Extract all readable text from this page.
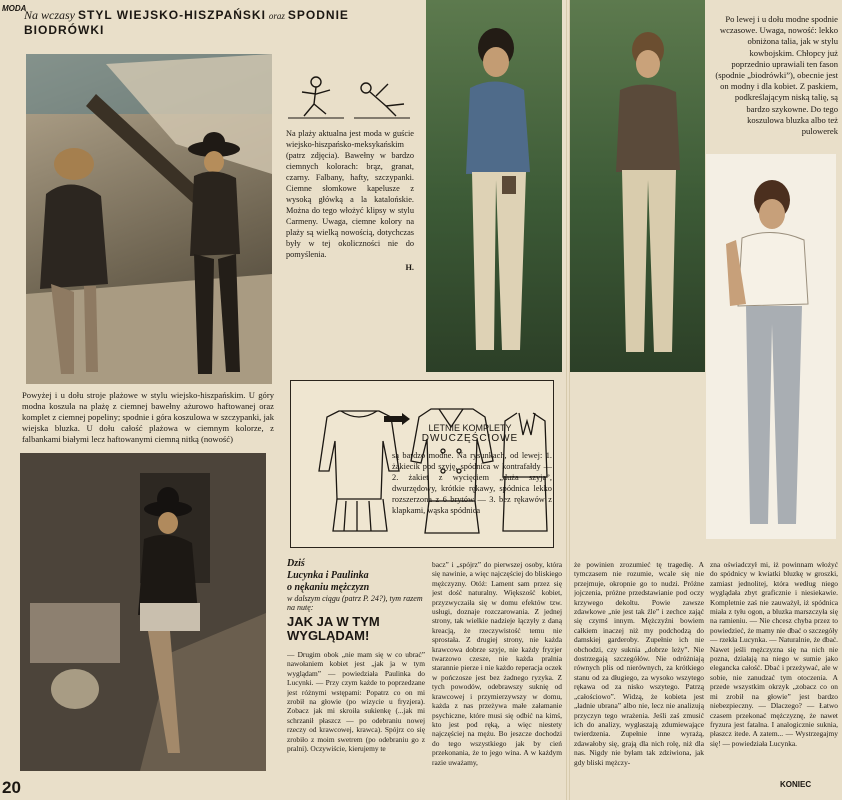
Na wczasy STYL WIEJSKO-HISZPAŃSKI oraz SPODNIE BIODRÓWKI
MODA

Na plaży aktualna jest moda w guście wiejsko-hiszpańsko-meksykańskim (patrz zdjęcia). Bawełny w bardzo ciemnych kolorach: brąz, granat, czarny. Falbany, hafty, szczypanki. Ciemne słomkowe kapelusze z wysoką główką a la katalońskie. Można do tego włożyć klipsy w stylu Carmeny. Uwaga, ciemne kolory na plaży są wielką nowością, dotychczas były w tej okoliczności nie do pomyślenia.

H.

Powyżej i u dołu stroje plażowe w stylu wiejsko-hiszpańskim. U góry modna koszula na plażę z ciemnej bawełny ażurowo haftowanej oraz komplet z ciemnej popeliny; spodnie i góra koszulowa w szczypanki, jak wiejska bluzka. U dołu całość plażowa w ciemnym kolorze, z falbankami białymi lecz haftowanymi ciemną nitką (nowość)
Dziś
Lucynka i Paulinka
o nękaniu mężczyzn
w dalszym ciągu (patrz P. 24?), tym razem na nutę:
JAK JA W TYM WYGLĄDAM!
— Drugim obok „nie mam się w co ubrać” nawołaniem kobiet jest „jak ja w tym wyglądam” — powiedziała Paulinka do Lucynki. — Przy czym każde to poprzedzane jest różnymi wstępami: Popatrz co on mi zrobił na głowie (po wizycie u fryzjera). Zobacz jak mi skroiła sukienkę (...jak mi schrzanił płaszcz — po odebraniu nowej rzeczy od krawcowej, krawca). Spójrz co się zrobiło z moim swetrem (po odebraniu go z pralni). Oczywiście, kierujemy te
bacz” i „spójrz” do pierwszej osoby, która się nawinie, a więc najczęściej do bliskiego mężczyzny. Otóż: Lament sam przez się jest dość naturalny. Większość kobiet, przyzwyczaiła się w domu efektów tzw. usługi, doznaje rozczarowania. Z jednej strony, tak wielkie nadzieje łączyły z daną kreacją, że rzeczywistość temu nie sprostała. Z drugiej strony, nie każda krawcowa dobrze szyje, nie każdy fryzjer twarzowo czesze, nie każda pralnia starannie pierze i nie każdo reperacja oczek w pończosze jest bez żadnego ryzyka. Z tych powodów, odebrawszy suknię od krawcowej i przymierzywszy w domu, każda z nas przeżywa małe załamanie psychiczne, które musi się odbić na kimś, kto jest pod ręką, a więc niestety najczęściej na mężu. Bo jeszcze dochodzi do tego wszystkiego jak by cień przekonania, że to jego wina. A w każdym razie uważamy,
że powinien zrozumieć tę tragedię. A tymczasem nie rozumie, wcale się nie przejmuje, okropnie go to nudzi. Próżne jojczenia, próżne przedstawianie pod oczy krzywego dekoltu. Powie zawsze zdawkowe „nie jest tak źle” i zechce zająć się czymś innym. Mężczyźni bowiem całkiem inaczej niż my podchodzą do damskiej garderoby. Zupełnie ich nie obchodzi, czy suknia „dobrze leży”. Nie dostrzegają szczegółów. Nie odróżniają równych plis od nierównych, za krótkiego stanu od za długiego, za wysoko wszytego rękawa od za nisko wszytego. Patrzą „całościowo”. Widzą, że kobieta jest „ładnie ubrana” albo nie, lecz nie analizują przyczyn tego wrażenia. Jeśli zaś zmusić ich do analizy, wygłaszają zdumiewające twierdzenia. Zupełnie inne wyrażą, zdawałoby się, grają dla nich rolę, niż dla nas. Nigdy nie byłam tak zdziwiona, jak gdy bliski mężczy-
zna oświadczył mi, iż powinnam włożyć do spódnicy w kwiatki bluzkę w groszki, zamiast jednolitej, która według niego wyglądała zbyt graficznie i niesiekawie. Kompletnie zaś nie zauważył, iż spódnica miała z tyłu ogon, a bluzka marszczyła się na ramieniu. — Nie chcesz chyba przez to powiedzieć, że mamy nie dbać o szczegóły — rzekła Lucynka. — Naturalnie, że dbać. Nawet jeśli mężczyzna się na nich nie pozna, działają na niego w sumie jako elegancka całość. Dbać i przeżywać, ale w sobie, nie zanudzać tym otoczenia. A przede wszystkim okrzyk „zobacz co on mi zrobił na głowie” jest bardzo niebezpieczny. — Dlaczego? — Łatwo czasem przekonać mężczyznę, że nawet fryzura jest fatalna. I analogicznie suknia, płaszcz itede. A zatem... — Wystrzegajmy się! — powiedziała Lucynka.
KONIEC
Po lewej i u dołu modne spodnie wczasowe. Uwaga, nowość: lekko obniżona talia, jak w stylu kowbojskim. Chłopcy już poprzednio uprawiali ten fason (spodnie „biodrówki”), obecnie jest on modny i dla kobiet. Z paskiem, podkreślającym niską talię, są bardzo szykowne. Do tego koszulowa bluzka albo też pulowerek
LETNIE KOMPLETY
DWUCZĘŚCIOWE
są bardzo modne. Na rysunkach, od lewej: 1. żakiecik pod szyję, spódnica w kontrafałdy — 2. żakiet z wycięciem „duża szyja”, dwurzędowy, krótkie rękawy, spódnica lekko rozszerzona z 6 brytów — 3. bez rękawów z klapkami, wąska spódnica
20
